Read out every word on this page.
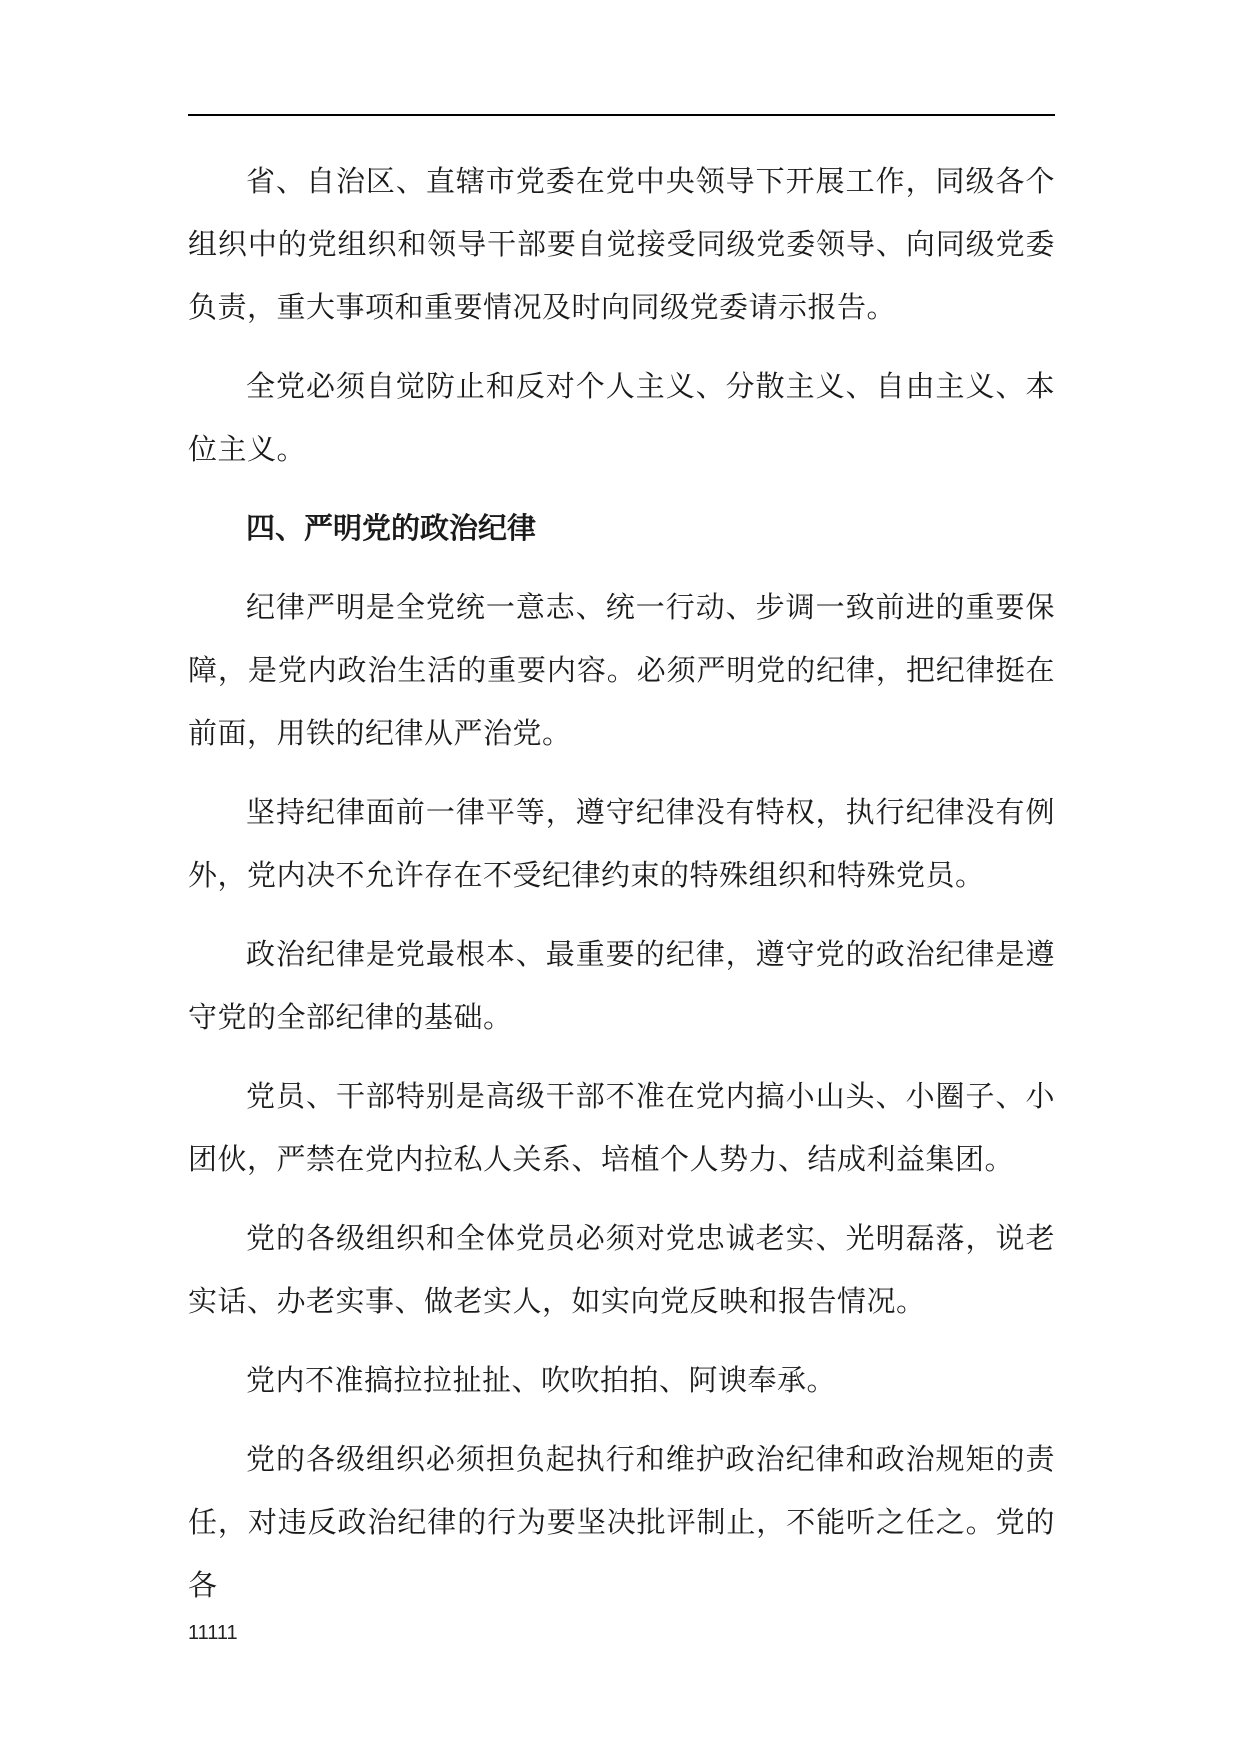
省、自治区、直辖市党委在党中央领导下开展工作，同级各个组织中的党组织和领导干部要自觉接受同级党委领导、向同级党委负责，重大事项和重要情况及时向同级党委请示报告。

全党必须自觉防止和反对个人主义、分散主义、自由主义、本位主义。

四、严明党的政治纪律

纪律严明是全党统一意志、统一行动、步调一致前进的重要保障，是党内政治生活的重要内容。必须严明党的纪律，把纪律挺在前面，用铁的纪律从严治党。

坚持纪律面前一律平等，遵守纪律没有特权，执行纪律没有例外，党内决不允许存在不受纪律约束的特殊组织和特殊党员。

政治纪律是党最根本、最重要的纪律，遵守党的政治纪律是遵守党的全部纪律的基础。

党员、干部特别是高级干部不准在党内搞小山头、小圈子、小团伙，严禁在党内拉私人关系、培植个人势力、结成利益集团。

党的各级组织和全体党员必须对党忠诚老实、光明磊落，说老实话、办老实事、做老实人，如实向党反映和报告情况。

党内不准搞拉拉扯扯、吹吹拍拍、阿谀奉承。

党的各级组织必须担负起执行和维护政治纪律和政治规矩的责任，对违反政治纪律的行为要坚决批评制止，不能听之任之。党的各

11111
